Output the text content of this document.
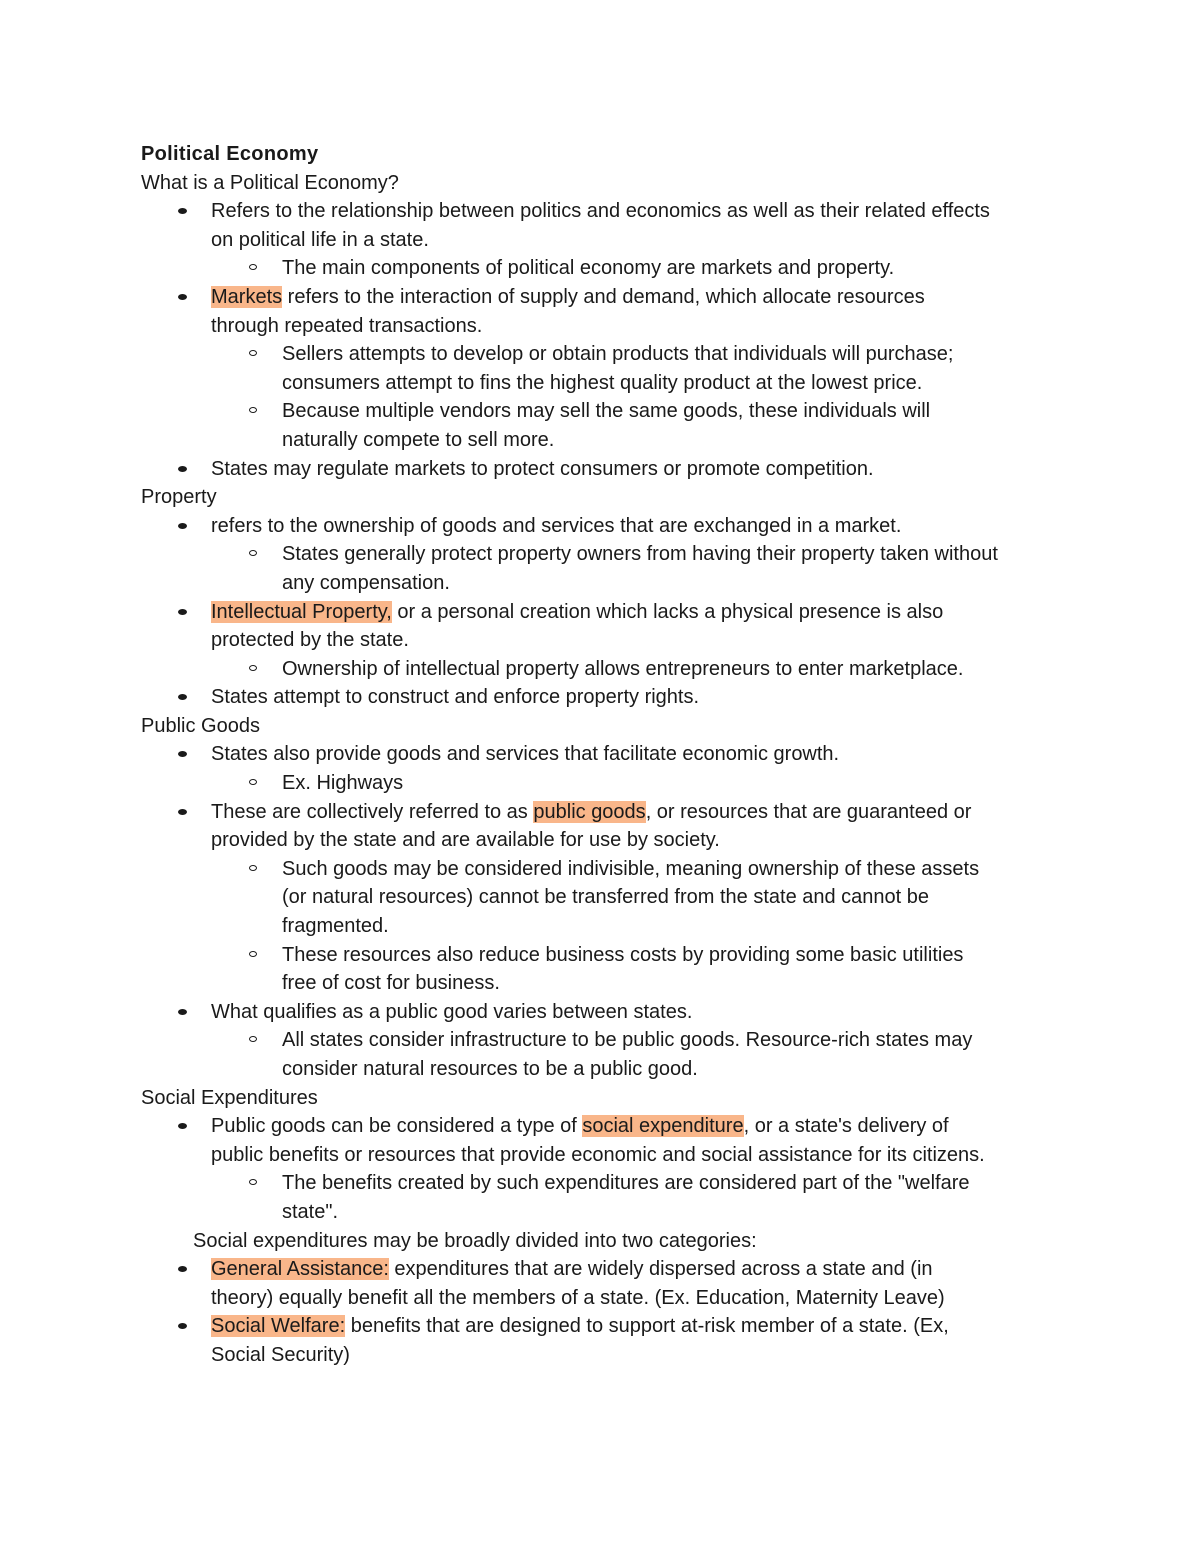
Political Economy
What is a Political Economy?
Refers to the relationship between politics and economics as well as their related effects
on political life in a state.
The main components of political economy are markets and property.
Markets refers to the interaction of supply and demand, which allocate resources
through repeated transactions.
Sellers attempts to develop or obtain products that individuals will purchase;
consumers attempt to fins the highest quality product at the lowest price.
Because multiple vendors may sell the same goods, these individuals will
naturally compete to sell more.
States may regulate markets to protect consumers or promote competition.
Property
refers to the ownership of goods and services that are exchanged in a market.
States generally protect property owners from having their property taken without
any compensation.
Intellectual Property, or a personal creation which lacks a physical presence is also
protected by the state.
Ownership of intellectual property allows entrepreneurs to enter marketplace.
States attempt to construct and enforce property rights.
Public Goods
States also provide goods and services that facilitate economic growth.
Ex. Highways
These are collectively referred to as public goods, or resources that are guaranteed or
provided by the state and are available for use by society.
Such goods may be considered indivisible, meaning ownership of these assets
(or natural resources) cannot be transferred from the state and cannot be
fragmented.
These resources also reduce business costs by providing some basic utilities
free of cost for business.
What qualifies as a public good varies between states.
All states consider infrastructure to be public goods. Resource-rich states may
consider natural resources to be a public good.
Social Expenditures
Public goods can be considered a type of social expenditure, or a state's delivery of
public benefits or resources that provide economic and social assistance for its citizens.
The benefits created by such expenditures are considered part of the "welfare
state".
Social expenditures may be broadly divided into two categories:
General Assistance: expenditures that are widely dispersed across a state and (in
theory) equally benefit all the members of a state. (Ex. Education, Maternity Leave)
Social Welfare: benefits that are designed to support at-risk member of a state. (Ex,
Social Security)
